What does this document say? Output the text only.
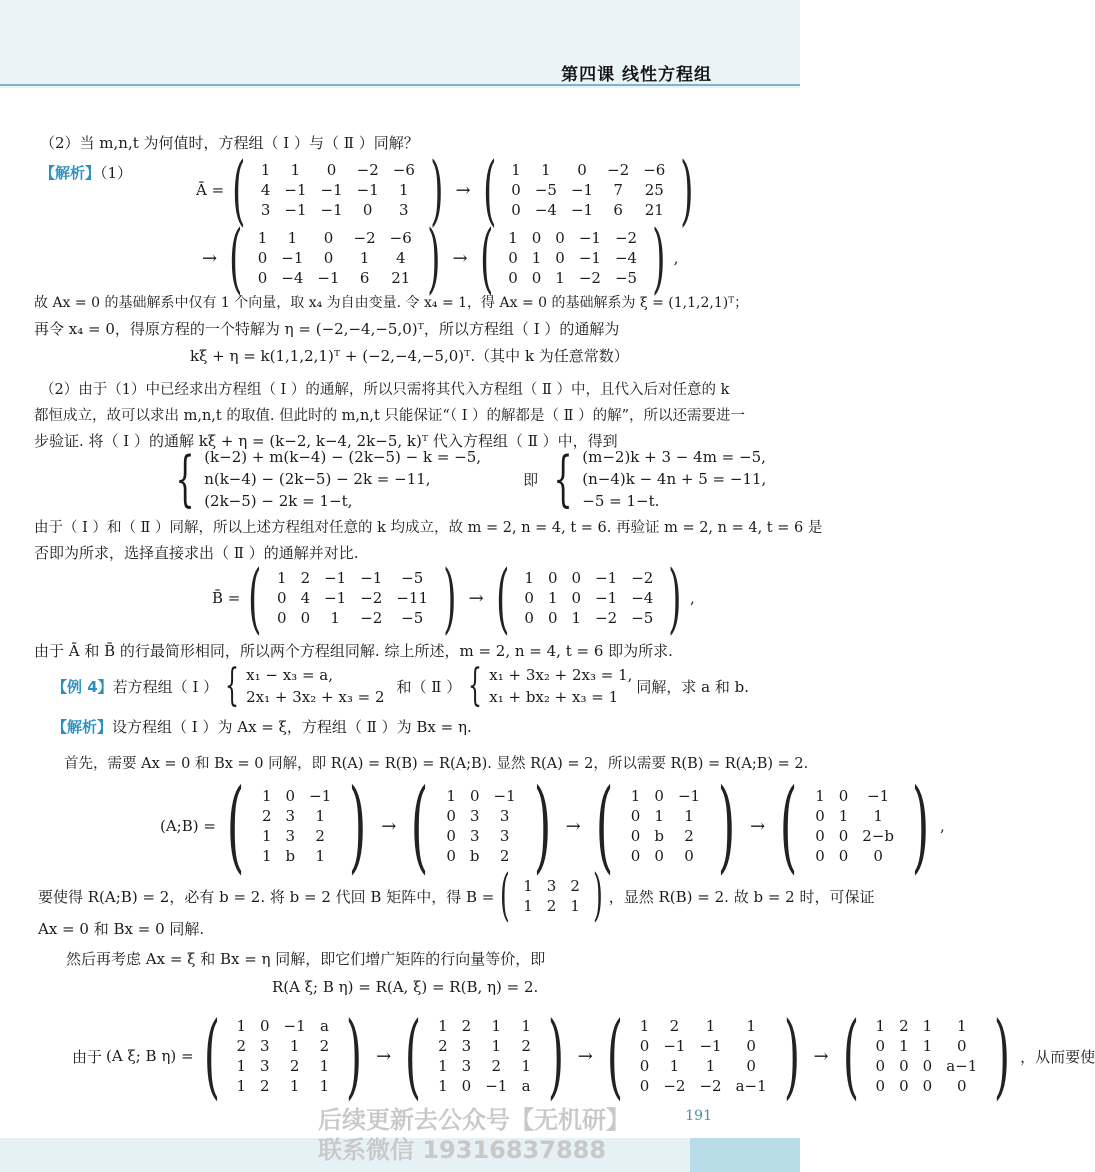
第四课 线性方程组
（2）当 m,n,t 为何值时，方程组（ Ⅰ ）与（ Ⅱ ）同解？
【解析】（1）
Ā = ( 1	1	0	−2	−6
4	−1	−1	−1	1
3	−1	−1	0	3 ) → ( 1	1	0	−2	−6
0	−5	−1	7	25
0	−4	−1	6	21 )
→ ( 1	1	0	−2	−6
0	−1	0	1	4
0	−4	−1	6	21 ) → ( 1	0	0	−1	−2
0	1	0	−1	−4
0	0	1	−2	−5 ) ,
故 Ax = 0 的基础解系中仅有 1 个向量，取 x₄ 为自由变量. 令 x₄ = 1，得 Ax = 0 的基础解系为 ξ = (1,1,2,1)ᵀ；
再令 x₄ = 0，得原方程的一个特解为 η = (−2,−4,−5,0)ᵀ，所以方程组（ Ⅰ ）的通解为
kξ + η = k(1,1,2,1)ᵀ + (−2,−4,−5,0)ᵀ.（其中 k 为任意常数）
（2）由于（1）中已经求出方程组（ Ⅰ ）的通解，所以只需将其代入方程组（ Ⅱ ）中，且代入后对任意的 k
都恒成立，故可以求出 m,n,t 的取值. 但此时的 m,n,t 只能保证“（ Ⅰ ）的解都是（ Ⅱ ）的解”，所以还需要进一
步验证. 将（ Ⅰ ）的通解 kξ + η = (k−2, k−4, 2k−5, k)ᵀ 代入方程组（ Ⅱ ）中，得到
{ (k−2) + m(k−4) − (2k−5) − k = −5,
n(k−4) − (2k−5) − 2k = −11,
(2k−5) − 2k = 1−t,
即 { (m−2)k + 3 − 4m = −5,
(n−4)k − 4n + 5 = −11,
−5 = 1−t.
由于（ Ⅰ ）和（ Ⅱ ）同解，所以上述方程组对任意的 k 均成立，故 m = 2, n = 4, t = 6. 再验证 m = 2, n = 4, t = 6 是
否即为所求，选择直接求出（ Ⅱ ）的通解并对比.
B̄ = ( 1	2	−1	−1	−5
0	4	−1	−2	−11
0	0	1	−2	−5 ) → ( 1	0	0	−1	−2
0	1	0	−1	−4
0	0	1	−2	−5 ) ,
由于 Ā 和 B̄ 的行最简形相同，所以两个方程组同解. 综上所述，m = 2, n = 4, t = 6 即为所求.
【例 4】 若方程组（ Ⅰ ） { x₁ − x₃ = a,
2x₁ + 3x₂ + x₃ = 2
和（ Ⅱ ） { x₁ + 3x₂ + 2x₃ = 1,
x₁ + bx₂ + x₃ = 1
同解，求 a 和 b.
【解析】设方程组（ Ⅰ ）为 Ax = ξ，方程组（ Ⅱ ）为 Bx = η.
首先，需要 Ax = 0 和 Bx = 0 同解，即 R(A) = R(B) = R(A;B). 显然 R(A) = 2，所以需要 R(B) = R(A;B) = 2.
(A;B) = ( 1	0	−1
2	3	1
1	3	2
1	b	1 ) → ( 1	0	−1
0	3	3
0	3	3
0	b	2 ) → ( 1	0	−1
0	1	1
0	b	2
0	0	0 ) → ( 1	0	−1
0	1	1
0	0	2−b
0	0	0 ) ,
要使得 R(A;B) = 2，必有 b = 2. 将 b = 2 代回 B 矩阵中，得 B = ( 1	3	2
1	2	1 ) ，显然 R(B) = 2. 故 b = 2 时，可保证
Ax = 0 和 Bx = 0 同解.
然后再考虑 Ax = ξ 和 Bx = η 同解，即它们增广矩阵的行向量等价，即
R(A ξ; B η) = R(A, ξ) = R(B, η) = 2.
由于 (A ξ; B η) = ( 1	0	−1	a
2	3	1	2
1	3	2	1
1	2	1	1 ) → ( 1	2	1	1
2	3	1	2
1	3	2	1
1	0	−1	a ) → ( 1	2	1	1
0	−1	−1	0
0	1	1	0
0	−2	−2	a−1 ) → ( 1	2	1	1
0	1	1	0
0	0	0	a−1
0	0	0	0 ) ，从而要使
191
后续更新去公众号【无机研】
联系微信 19316837888
